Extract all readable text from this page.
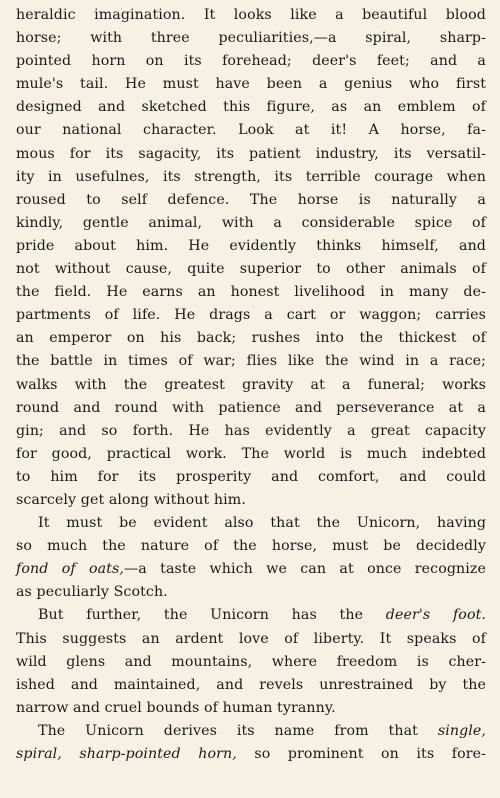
heraldic imagination. It looks like a beautiful blood
horse; with three peculiarities,—a spiral, sharp-
pointed horn on its forehead; deer's feet; and a
mule's tail. He must have been a genius who first
designed and sketched this figure, as an emblem of
our national character. Look at it! A horse, fa-
mous for its sagacity, its patient industry, its versatil-
ity in usefulnes, its strength, its terrible courage when
roused to self defence. The horse is naturally a
kindly, gentle animal, with a considerable spice of
pride about him. He evidently thinks himself, and
not without cause, quite superior to other animals of
the field. He earns an honest livelihood in many de-
partments of life. He drags a cart or waggon; carries
an emperor on his back; rushes into the thickest of
the battle in times of war; flies like the wind in a race;
walks with the greatest gravity at a funeral; works
round and round with patience and perseverance at a
gin; and so forth. He has evidently a great capacity
for good, practical work. The world is much indebted
to him for its prosperity and comfort, and could
scarcely get along without him.
It must be evident also that the Unicorn, having
so much the nature of the horse, must be decidedly
fond of oats,—a taste which we can at once recognize
as peculiarly Scotch.
But further, the Unicorn has the deer's foot.
This suggests an ardent love of liberty. It speaks of
wild glens and mountains, where freedom is cher-
ished and maintained, and revels unrestrained by the
narrow and cruel bounds of human tyranny.
The Unicorn derives its name from that single,
spiral, sharp-pointed horn, so prominent on its fore-
